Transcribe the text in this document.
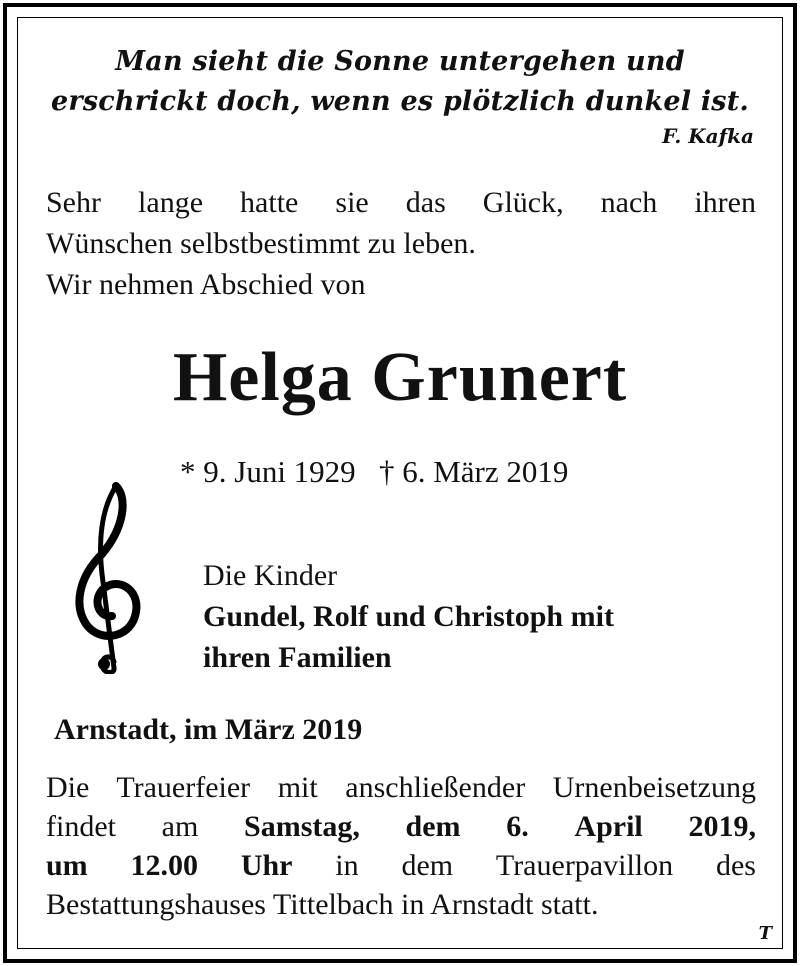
Man sieht die Sonne untergehen und
erschrickt doch, wenn es plötzlich dunkel ist.
F. Kafka
Sehr lange hatte sie das Glück, nach ihren
Wünschen selbstbestimmt zu leben.
Wir nehmen Abschied von
Helga Grunert
* 9. Juni 1929 † 6. März 2019
Die Kinder
Gundel, Rolf und Christoph mit
ihren Familien
Arnstadt, im März 2019
Die Trauerfeier mit anschließender Urnenbeisetzung
findet am Samstag, dem 6. April 2019,
um 12.00 Uhr in dem Trauerpavillon des
Bestattungshauses Tittelbach in Arnstadt statt.
T
